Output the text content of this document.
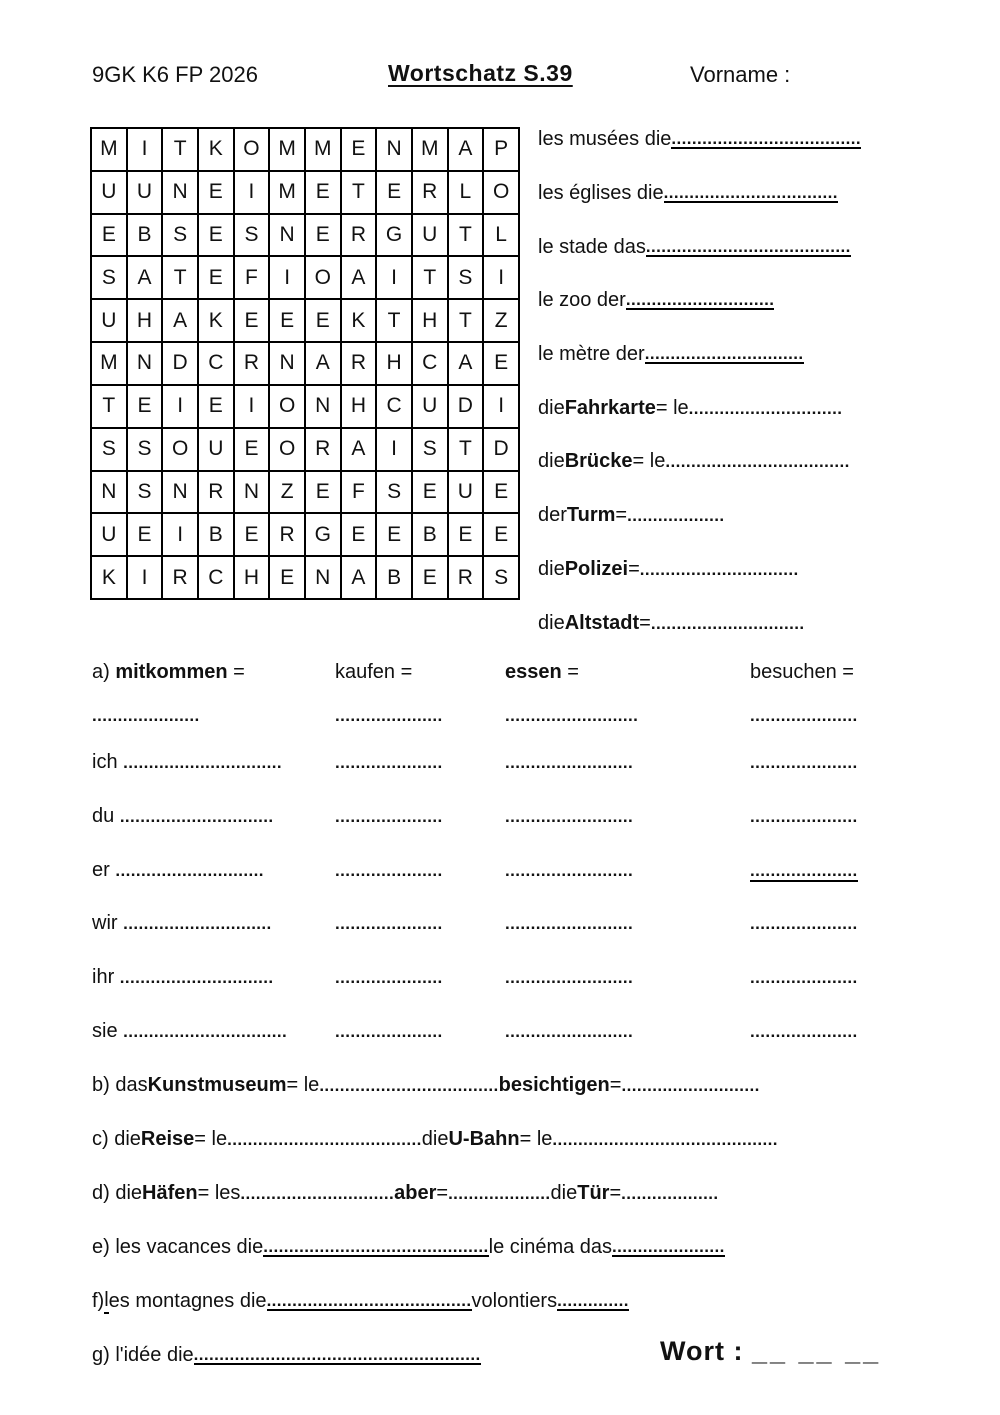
9GK K6 FP 2026	Wortschatz S.39	Vorname :
M	I	T	K	O	M	M	E	N	M	A	P
U	U	N	E	I	M	E	T	E	R	L	O
E	B	S	E	S	N	E	R	G	U	T	L
S	A	T	E	F	I	O	A	I	T	S	I
U	H	A	K	E	E	E	K	T	H	T	Z
M	N	D	C	R	N	A	R	H	C	A	E
T	E	I	E	I	O	N	H	C	U	D	I
S	S	O	U	E	O	R	A	I	S	T	D
N	S	N	R	N	Z	E	F	S	E	U	E
U	E	I	B	E	R	G	E	E	B	E	E
K	I	R	C	H	E	N	A	B	E	R	S
les musées die .....................................
les églises die ..................................
le stade das ........................................
le zoo der .............................
le mètre der ...............................
die Fahrkarte = le ..............................
die Brücke = le ....................................
der Turm = ...................
die Polizei = ...............................
die Altstadt = ..............................
a) mitkommen =	kaufen =	essen =	besuchen =
.....................	.....................	..........................	.....................
ich ...............................	.....................	.........................	.....................
du ..............................	.....................	.........................	.....................
er .............................	.....................	.........................	.....................
wir .............................	.....................	.........................	.....................
ihr ..............................	.....................	.........................	.....................
sie ................................	.....................	.........................	.....................
b) das Kunstmuseum = le ................................... besichtigen = ...........................
c) die Reise = le ...................................... die U-Bahn = le ............................................
d) die Häfen = les .............................. aber = .................... die Tür = ...................
e) les vacances die ............................................ le cinéma das ......................
f) l es montagnes die ........................................ volontiers ..............
g) l'idée die ........................................................	Wort : __ __ __
